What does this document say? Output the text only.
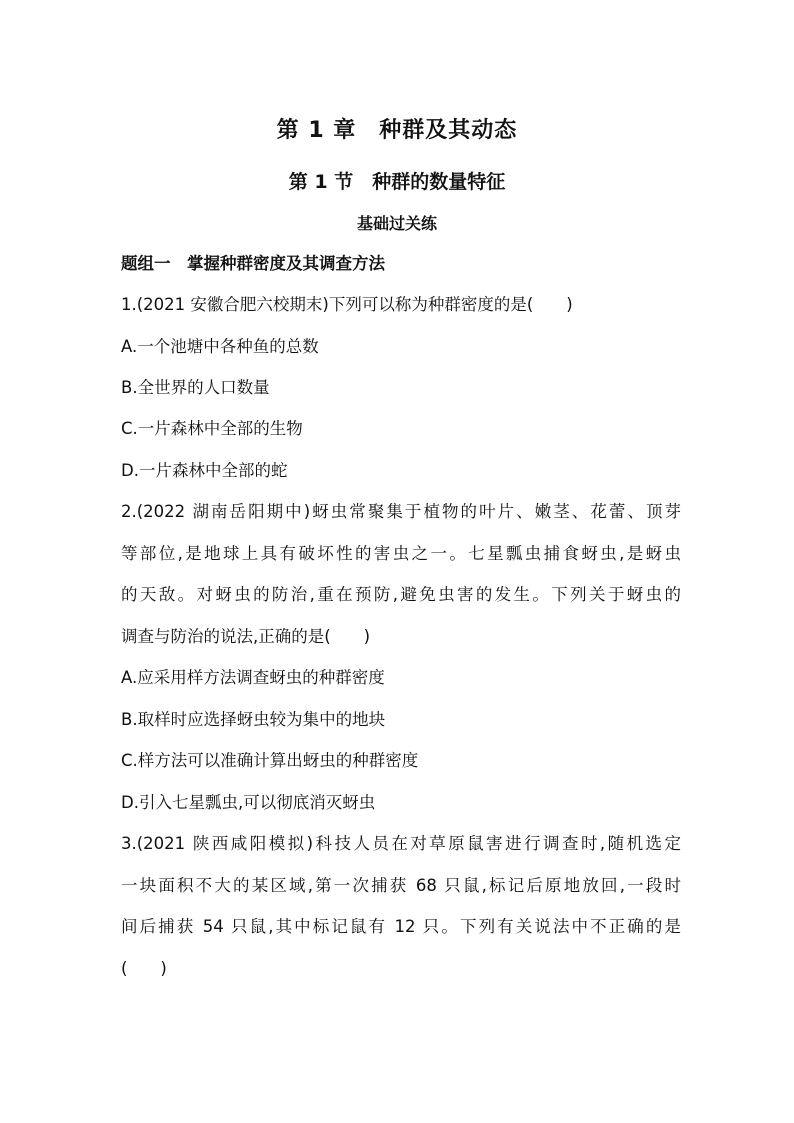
第 1 章　种群及其动态
第 1 节　种群的数量特征
基础过关练
题组一　掌握种群密度及其调查方法
1.(2021 安徽合肥六校期末)下列可以称为种群密度的是(　　)
A.一个池塘中各种鱼的总数
B.全世界的人口数量
C.一片森林中全部的生物
D.一片森林中全部的蛇
2.(2022 湖南岳阳期中)蚜虫常聚集于植物的叶片、嫩茎、花蕾、顶芽
等部位,是地球上具有破坏性的害虫之一。七星瓢虫捕食蚜虫,是蚜虫
的天敌。对蚜虫的防治,重在预防,避免虫害的发生。下列关于蚜虫的
调查与防治的说法,正确的是(　　)
A.应采用样方法调查蚜虫的种群密度
B.取样时应选择蚜虫较为集中的地块
C.样方法可以准确计算出蚜虫的种群密度
D.引入七星瓢虫,可以彻底消灭蚜虫
3.(2021 陕西咸阳模拟)科技人员在对草原鼠害进行调查时,随机选定
一块面积不大的某区域,第一次捕获 68 只鼠,标记后原地放回,一段时
间后捕获 54 只鼠,其中标记鼠有 12 只。下列有关说法中不正确的是
(　　)
